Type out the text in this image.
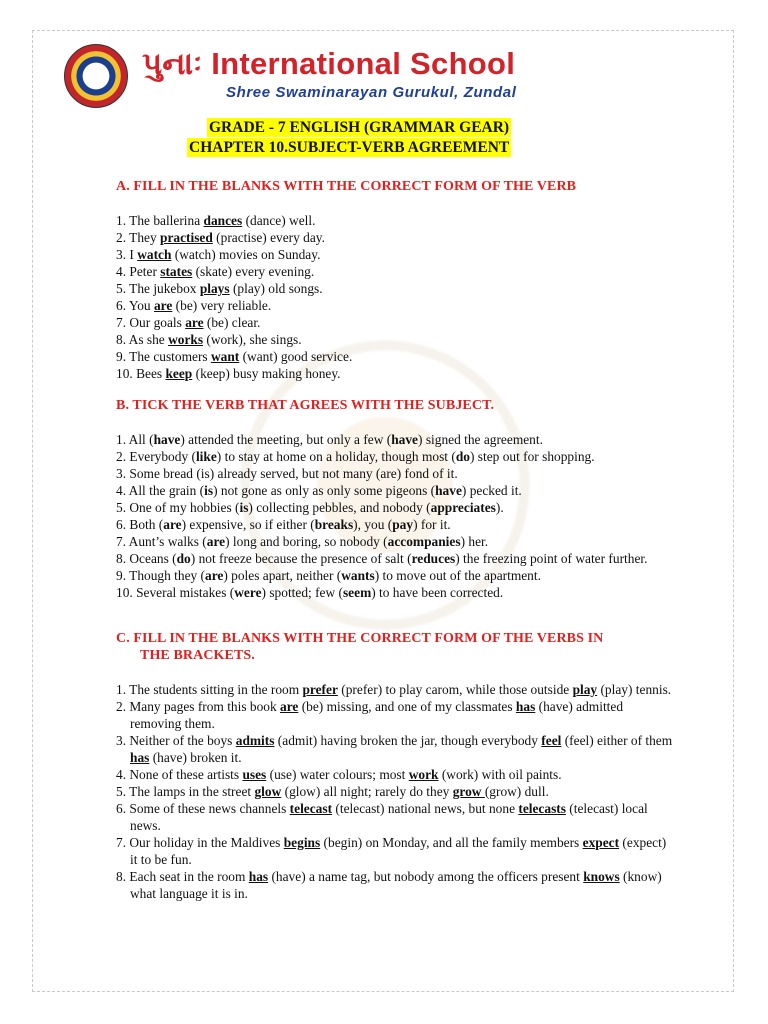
પુનાઃ International School
Shree Swaminarayan Gurukul, Zundal
GRADE - 7 ENGLISH (GRAMMAR GEAR)
CHAPTER 10.SUBJECT-VERB AGREEMENT
A. FILL IN THE BLANKS WITH THE CORRECT FORM OF THE VERB
1. The ballerina dances (dance) well.
2. They practised (practise) every day.
3. I watch (watch) movies on Sunday.
4. Peter states (skate) every evening.
5. The jukebox plays (play) old songs.
6. You are (be) very reliable.
7. Our goals are (be) clear.
8. As she works (work), she sings.
9. The customers want (want) good service.
10. Bees keep (keep) busy making honey.
B. TICK THE VERB THAT AGREES WITH THE SUBJECT.
1. All (have) attended the meeting, but only a few (have) signed the agreement.
2. Everybody (like) to stay at home on a holiday, though most (do) step out for shopping.
3. Some bread (is) already served, but not many (are) fond of it.
4. All the grain (is) not gone as only as only some pigeons (have) pecked it.
5. One of my hobbies (is) collecting pebbles, and nobody (appreciates).
6. Both (are) expensive, so if either (breaks), you (pay) for it.
7. Aunt’s walks (are) long and boring, so nobody (accompanies) her.
8. Oceans (do) not freeze because the presence of salt (reduces) the freezing point of water further.
9. Though they (are) poles apart, neither (wants) to move out of the apartment.
10. Several mistakes (were) spotted; few (seem) to have been corrected.
C. FILL IN THE BLANKS WITH THE CORRECT FORM OF THE VERBS IN
THE BRACKETS.
1. The students sitting in the room prefer (prefer) to play carom, while those outside play (play) tennis.
2. Many pages from this book are (be) missing, and one of my classmates has (have) admitted removing them.
3. Neither of the boys admits (admit) having broken the jar, though everybody feel (feel) either of them has (have) broken it.
4. None of these artists uses (use) water colours; most work (work) with oil paints.
5. The lamps in the street glow (glow) all night; rarely do they grow (grow) dull.
6. Some of these news channels telecast (telecast) national news, but none telecasts (telecast) local news.
7. Our holiday in the Maldives begins (begin) on Monday, and all the family members expect (expect) it to be fun.
8. Each seat in the room has (have) a name tag, but nobody among the officers present knows (know) what language it is in.
